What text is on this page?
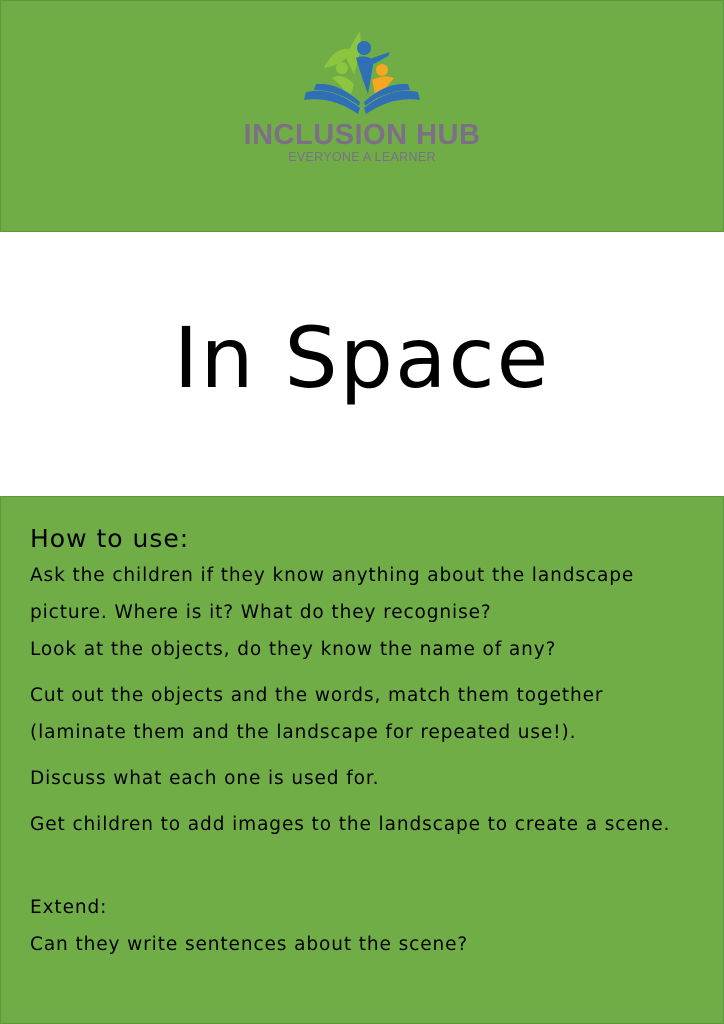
INCLUSION HUB
EVERYONE A LEARNER
In Space
How to use:
Ask the children if they know anything about the landscape
picture. Where is it? What do they recognise?
Look at the objects, do they know the name of any?
Cut out the objects and the words, match them together
(laminate them and the landscape for repeated use!).
Discuss what each one is used for.
Get children to add images to the landscape to create a scene.
Extend:
Can they write sentences about the scene?
